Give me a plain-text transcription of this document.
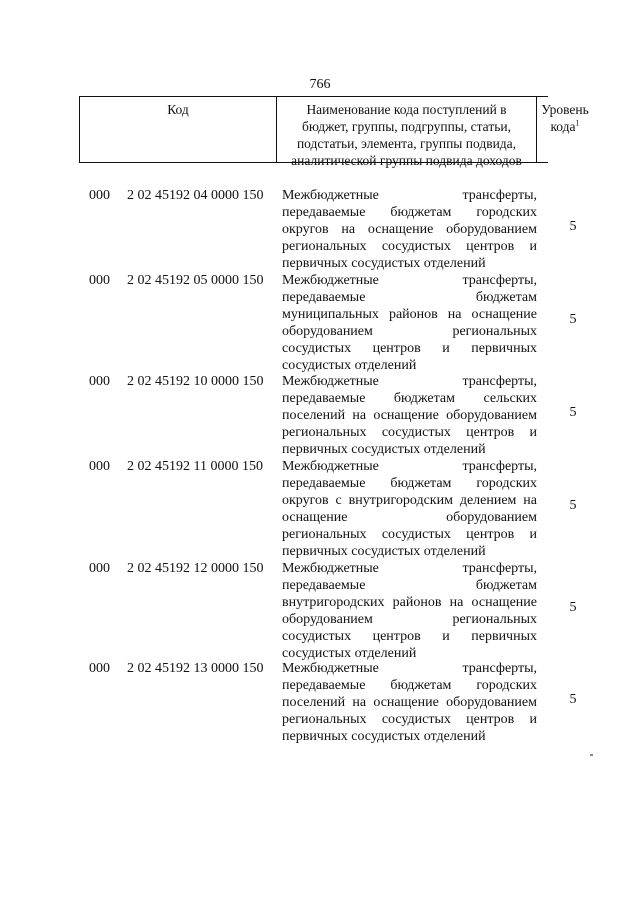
766
Код	Наименование кода поступлений в
бюджет, группы, подгруппы, статьи,
подстатьи, элемента, группы подвида,
аналитической группы подвида доходов
Уровень
кода$^1$
000 2 02 45192 04 0000 150 Межбюджетные трансферты,
передаваемые бюджетам городских
округов на оснащение оборудованием
региональных сосудистых центров и
первичных сосудистых отделений
5
000 2 02 45192 05 0000 150 Межбюджетные трансферты,
передаваемые бюджетам
муниципальных районов на оснащение
оборудованием региональных
сосудистых центров и первичных
сосудистых отделений
5
000 2 02 45192 10 0000 150 Межбюджетные трансферты,
передаваемые бюджетам сельских
поселений на оснащение оборудованием
региональных сосудистых центров и
первичных сосудистых отделений
5
000 2 02 45192 11 0000 150 Межбюджетные трансферты,
передаваемые бюджетам городских
округов с внутригородским делением на
оснащение оборудованием
региональных сосудистых центров и
первичных сосудистых отделений
5
000 2 02 45192 12 0000 150 Межбюджетные трансферты,
передаваемые бюджетам
внутригородских районов на оснащение
оборудованием региональных
сосудистых центров и первичных
сосудистых отделений
5
000 2 02 45192 13 0000 150 Межбюджетные трансферты,
передаваемые бюджетам городских
поселений на оснащение оборудованием
региональных сосудистых центров и
первичных сосудистых отделений
5
